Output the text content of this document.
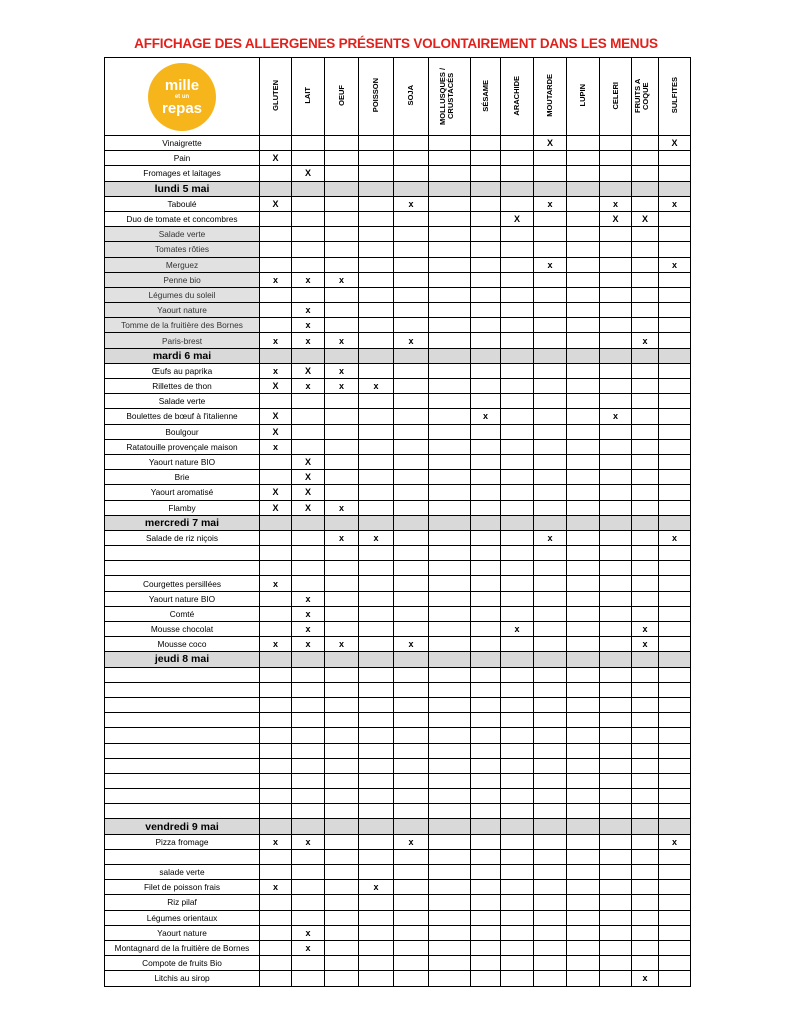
AFFICHAGE DES ALLERGENES PRÉSENTS VOLONTAIREMENT DANS LES MENUS
mille
et un
repas	GLUTEN	LAIT	OEUF	POISSON	SOJA	MOLLUSQUES / CRUSTACÉS	SÉSAME	ARACHIDE	MOUTARDE	LUPIN	CELERI	FRUITS A COQUE	SULFITES
Vinaigrette									X				X
Pain	X												
Fromages et laitages		X											
lundi 5 mai													
Taboulé	X				x				x		x		x
Duo de tomate et concombres								X			X	X	
Salade verte													
Tomates rôties													
Merguez									x				x
Penne bio	x	x	x										
Légumes du soleil													
Yaourt nature		x											
Tomme de la fruitière des Bornes		x											
Paris-brest	x	x	x		x							x	
mardi 6 mai													
Œufs au paprika	x	X	x										
Rillettes de thon	X	x	x	x									
Salade verte													
Boulettes de bœuf à l'italienne	X						x				x		
Boulgour	X												
Ratatouille provençale maison	x												
Yaourt nature BIO		X											
Brie		X											
Yaourt aromatisé	X	X											
Flamby	X	X	x										
mercredi 7 mai													
Salade de riz niçois			x	x					x				x

Courgettes persillées	x												
Yaourt nature BIO		x											
Comté		x											
Mousse chocolat		x						x				x	
Mousse coco	x	x	x		x							x	
jeudi 8 mai													

vendredi 9 mai													
Pizza fromage	x	x			x								x

salade verte													
Filet de poisson frais	x			x									
Riz pilaf													
Légumes orientaux													
Yaourt nature		x											
Montagnard de la fruitière de Bornes		x											
Compote de fruits Bio													
Litchis au sirop												x	
